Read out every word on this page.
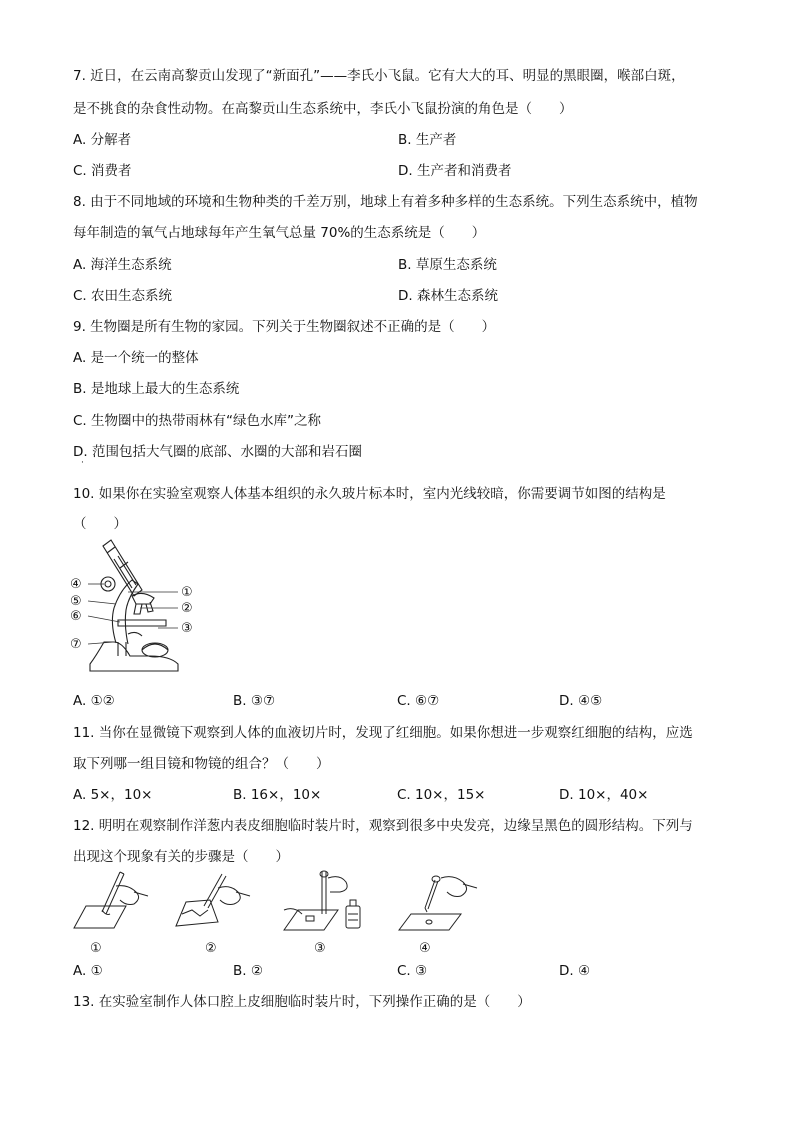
7. 近日，在云南高黎贡山发现了“新面孔”——李氏小飞鼠。它有大大的耳、明显的黑眼圈，喉部白斑，
是不挑食的杂食性动物。在高黎贡山生态系统中，李氏小飞鼠扮演的角色是（　　）
A. 分解者	B. 生产者
C. 消费者	D. 生产者和消费者
8. 由于不同地域的环境和生物种类的千差万别，地球上有着多种多样的生态系统。下列生态系统中，植物
每年制造的氧气占地球每年产生氧气总量 70%的生态系统是（　　）
A. 海洋生态系统	B. 草原生态系统
C. 农田生态系统	D. 森林生态系统
9. 生物圈是所有生物的家园。下列关于生物圈叙述不正确的是（　　）
A. 是一个统一的整体
B. 是地球上最大的生态系统
C. 生物圈中的热带雨林有“绿色水库”之称
D. 范围包括大气圈的底部、水圈的大部和岩石圈
·
10. 如果你在实验室观察人体基本组织的永久玻片标本时，室内光线较暗，你需要调节如图的结构是
（　　）
④
⑤
⑥
⑦
①
②
③
A. ①②	B. ③⑦	C. ⑥⑦	D. ④⑤
11. 当你在显微镜下观察到人体的血液切片时，发现了红细胞。如果你想进一步观察红细胞的结构，应选
取下列哪一组目镜和物镜的组合？（　　）
A. 5×，10×	B. 16×，10×	C. 10×，15×	D. 10×，40×
12. 明明在观察制作洋葱内表皮细胞临时装片时，观察到很多中央发亮，边缘呈黑色的圆形结构。下列与
出现这个现象有关的步骤是（　　）
①	②	③	④
A. ①	B. ②	C. ③	D. ④
13. 在实验室制作人体口腔上皮细胞临时装片时，下列操作正确的是（　　）
